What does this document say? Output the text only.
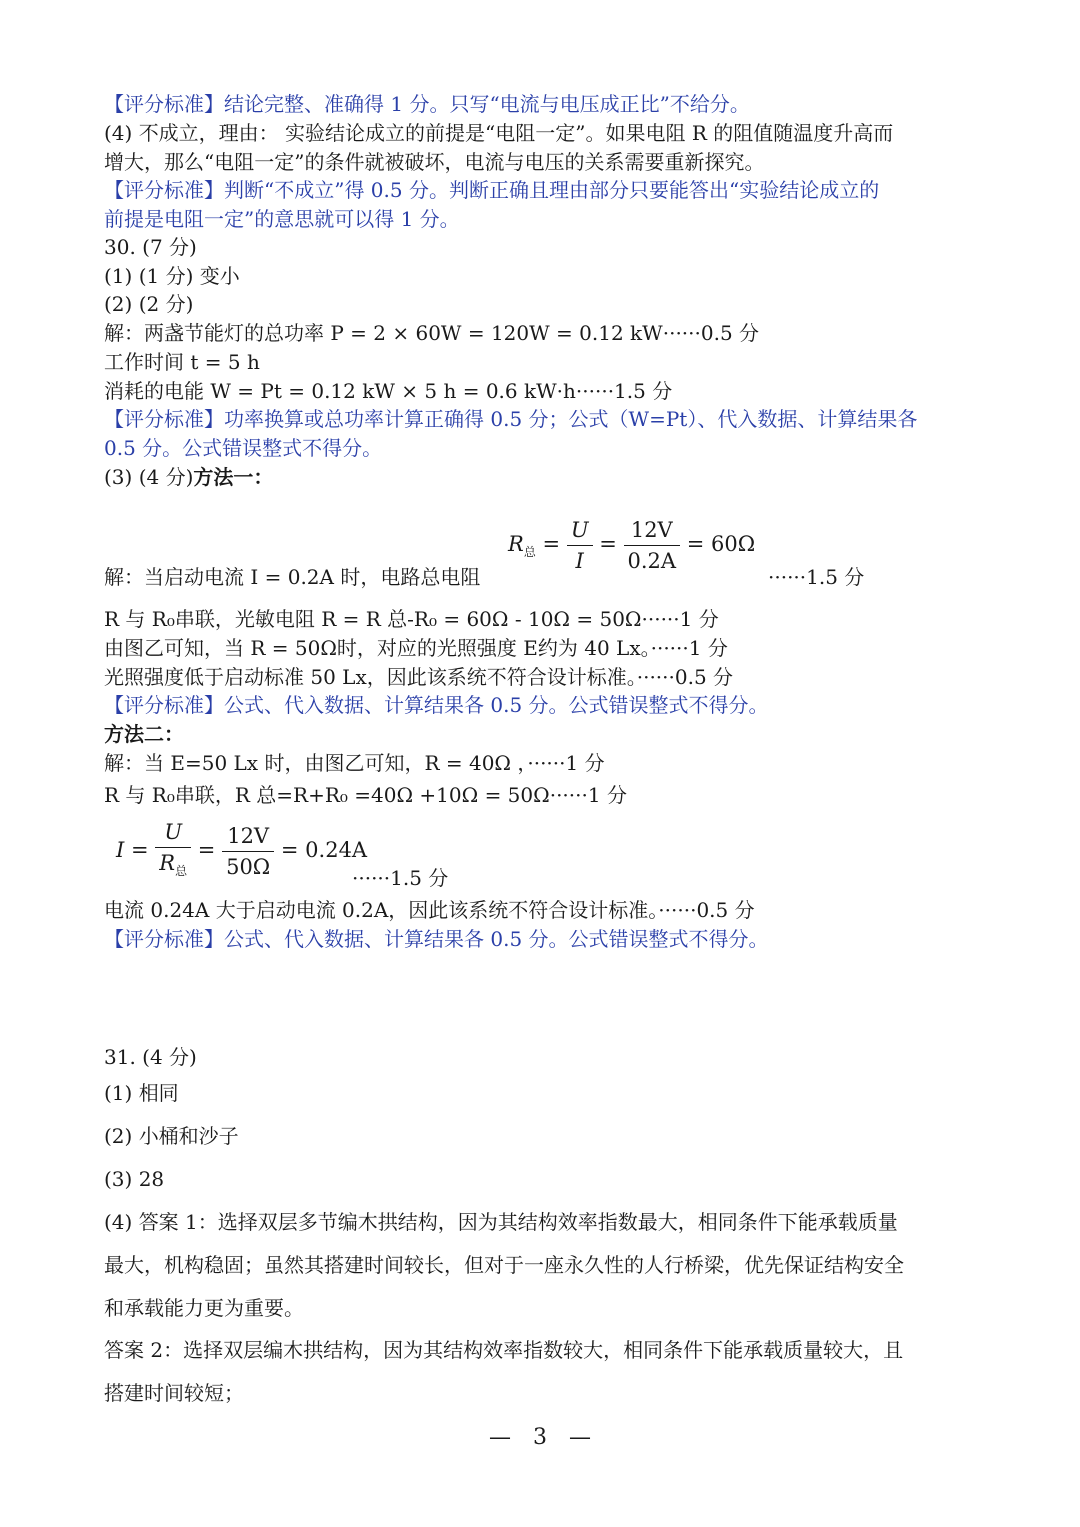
【评分标准】结论完整、准确得 1 分。只写“电流与电压成正比”不给分。
(4) 不成立，理由： 实验结论成立的前提是“电阻一定”。如果电阻 R 的阻值随温度升高而
增大，那么“电阻一定”的条件就被破坏，电流与电压的关系需要重新探究。
【评分标准】判断“不成立”得 0.5 分。判断正确且理由部分只要能答出“实验结论成立的
前提是电阻一定”的意思就可以得 1 分。
30. (7 分)
(1) (1 分) 变小
(2) (2 分)
解：两盏节能灯的总功率 P = 2 × 60W = 120W = 0.12 kW······0.5 分
工作时间 t = 5 h
消耗的电能 W = Pt = 0.12 kW × 5 h = 0.6 kW·h······1.5 分
【评分标准】功率换算或总功率计算正确得 0.5 分；公式（W=Pt）、代入数据、计算结果各
0.5 分。公式错误整式不得分。
(3) (4 分)方法一：
$R_总 = \frac{U}{I} = \frac{12V}{0.2A} = 60\Omega$
解：当启动电流 I = 0.2A 时，电路总电阻	······1.5 分
R 与 R₀串联，光敏电阻 R = R 总-R₀ = 60Ω - 10Ω = 50Ω······1 分
由图乙可知，当 R = 50Ω时，对应的光照强度 E约为 40 Lx。······1 分
光照强度低于启动标准 50 Lx，因此该系统不符合设计标准。······0.5 分
【评分标准】公式、代入数据、计算结果各 0.5 分。公式错误整式不得分。
方法二：
解：当 E=50 Lx 时，由图乙可知，R = 40Ω ，······1 分
R 与 R₀串联，R 总=R+R₀ =40Ω +10Ω = 50Ω······1 分
$I = \frac{U}{R_总} = \frac{12V}{50\Omega} = 0.24A$
······1.5 分
电流 0.24A 大于启动电流 0.2A，因此该系统不符合设计标准。······0.5 分
【评分标准】公式、代入数据、计算结果各 0.5 分。公式错误整式不得分。
31. (4 分)
(1) 相同
(2) 小桶和沙子
(3) 28
(4) 答案 1：选择双层多节编木拱结构，因为其结构效率指数最大，相同条件下能承载质量
最大，机构稳固；虽然其搭建时间较长，但对于一座永久性的人行桥梁，优先保证结构安全
和承载能力更为重要。
答案 2：选择双层编木拱结构，因为其结构效率指数较大，相同条件下能承载质量较大，且
搭建时间较短；
—　3　—
